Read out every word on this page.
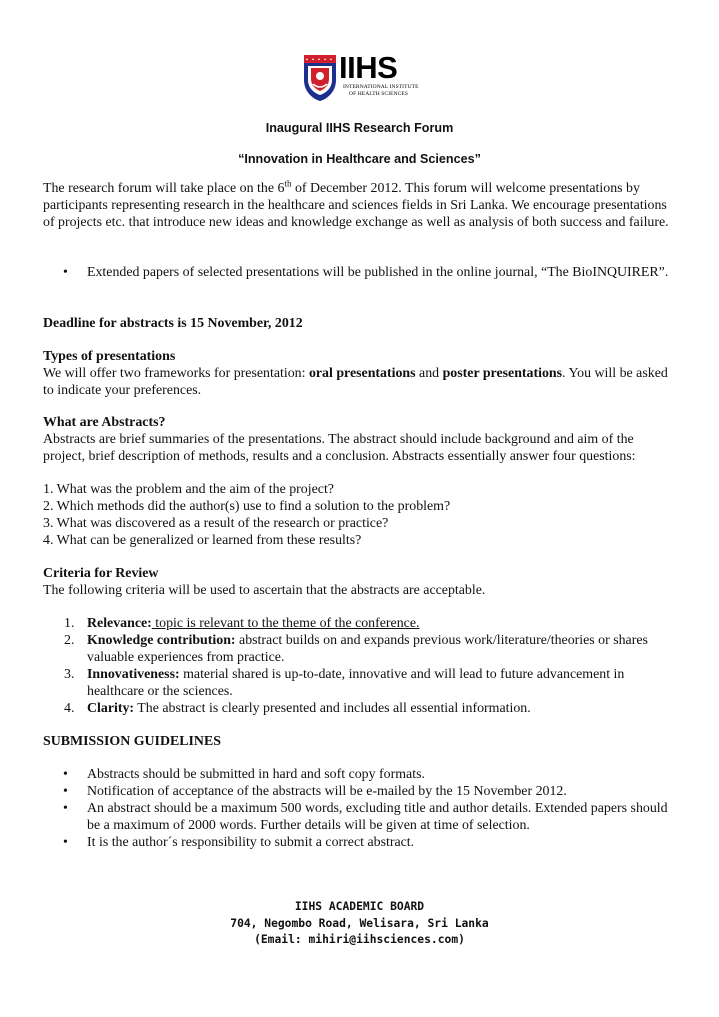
IIHS
INTERNATIONAL INSTITUTE
OF HEALTH SCIENCES
Inaugural IIHS Research Forum
“Innovation in Healthcare and Sciences”

The research forum will take place on the 6th of December 2012. This forum will welcome presentations by participants representing research in the healthcare and sciences fields in Sri Lanka. We encourage presentations of projects etc. that introduce new ideas and knowledge exchange as well as analysis of both success and failure.

• Extended papers of selected presentations will be published in the online journal, “The BioINQUIRER”.

Deadline for abstracts is 15 November, 2012

Types of presentations

We will offer two frameworks for presentation: oral presentations and poster presentations. You will be asked to indicate your preferences.

What are Abstracts?

Abstracts are brief summaries of the presentations. The abstract should include background and aim of the project, brief description of methods, results and a conclusion. Abstracts essentially answer four questions:

1. What was the problem and the aim of the project?
2. Which methods did the author(s) use to find a solution to the problem?
3. What was discovered as a result of the research or practice?
4. What can be generalized or learned from these results?

Criteria for Review

The following criteria will be used to ascertain that the abstracts are acceptable.

1. Relevance: topic is relevant to the theme of the conference.
2. Knowledge contribution: abstract builds on and expands previous work/literature/theories or shares valuable experiences from practice.
3. Innovativeness: material shared is up-to-date, innovative and will lead to future advancement in healthcare or the sciences.
4. Clarity: The abstract is clearly presented and includes all essential information.

SUBMISSION GUIDELINES

• Abstracts should be submitted in hard and soft copy formats.
• Notification of acceptance of the abstracts will be e-mailed by the 15 November 2012.
• An abstract should be a maximum 500 words, excluding title and author details. Extended papers should be a maximum of 2000 words. Further details will be given at time of selection.
• It is the author´s responsibility to submit a correct abstract.
IIHS ACADEMIC BOARD
704, Negombo Road, Welisara, Sri Lanka
(Email: mihiri@iihsciences.com)
